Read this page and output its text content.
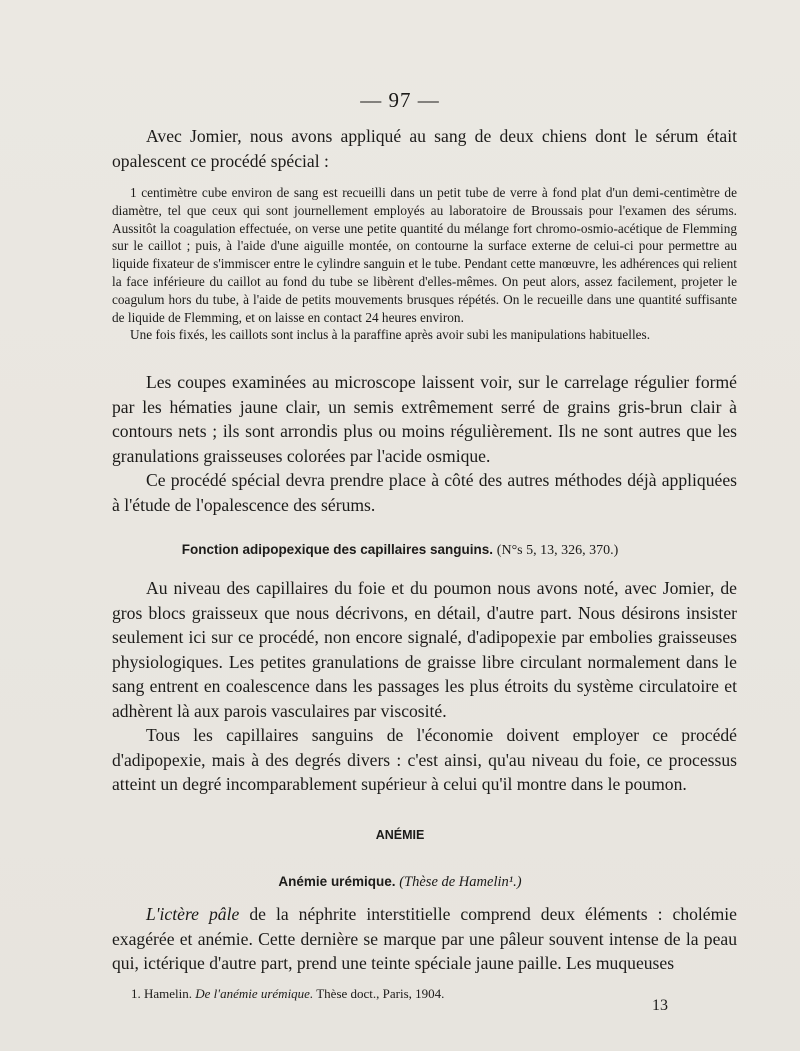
— 97 —

Avec Jomier, nous avons appliqué au sang de deux chiens dont le sérum était opalescent ce procédé spécial :

1 centimètre cube environ de sang est recueilli dans un petit tube de verre à fond plat d'un demi-centimètre de diamètre, tel que ceux qui sont journellement employés au laboratoire de Broussais pour l'examen des sérums. Aussitôt la coagulation effectuée, on verse une petite quantité du mélange fort chromo-osmio-acétique de Flemming sur le caillot ; puis, à l'aide d'une aiguille montée, on contourne la surface externe de celui-ci pour permettre au liquide fixateur de s'immiscer entre le cylindre sanguin et le tube. Pendant cette manœuvre, les adhérences qui relient la face inférieure du caillot au fond du tube se libèrent d'elles-mêmes. On peut alors, assez facilement, projeter le coagulum hors du tube, à l'aide de petits mouvements brusques répétés. On le recueille dans une quantité suffisante de liquide de Flemming, et on laisse en contact 24 heures environ.

Une fois fixés, les caillots sont inclus à la paraffine après avoir subi les manipulations habituelles.

Les coupes examinées au microscope laissent voir, sur le carrelage régulier formé par les hématies jaune clair, un semis extrêmement serré de grains gris-brun clair à contours nets ; ils sont arrondis plus ou moins régulièrement. Ils ne sont autres que les granulations graisseuses colorées par l'acide osmique.

Ce procédé spécial devra prendre place à côté des autres méthodes déjà appliquées à l'étude de l'opalescence des sérums.

Fonction adipopexique des capillaires sanguins. (N°s 5, 13, 326, 370.)

Au niveau des capillaires du foie et du poumon nous avons noté, avec Jomier, de gros blocs graisseux que nous décrivons, en détail, d'autre part. Nous désirons insister seulement ici sur ce procédé, non encore signalé, d'adipopexie par embolies graisseuses physiologiques. Les petites granulations de graisse libre circulant normalement dans le sang entrent en coalescence dans les passages les plus étroits du système circulatoire et adhèrent là aux parois vasculaires par viscosité.

Tous les capillaires sanguins de l'économie doivent employer ce procédé d'adipopexie, mais à des degrés divers : c'est ainsi, qu'au niveau du foie, ce processus atteint un degré incomparablement supérieur à celui qu'il montre dans le poumon.

ANÉMIE
Anémie urémique. (Thèse de Hamelin¹.)

L'ictère pâle de la néphrite interstitielle comprend deux éléments : cholémie exagérée et anémie. Cette dernière se marque par une pâleur souvent intense de la peau qui, ictérique d'autre part, prend une teinte spéciale jaune paille. Les muqueuses

1. Hamelin. De l'anémie urémique. Thèse doct., Paris, 1904.
13
